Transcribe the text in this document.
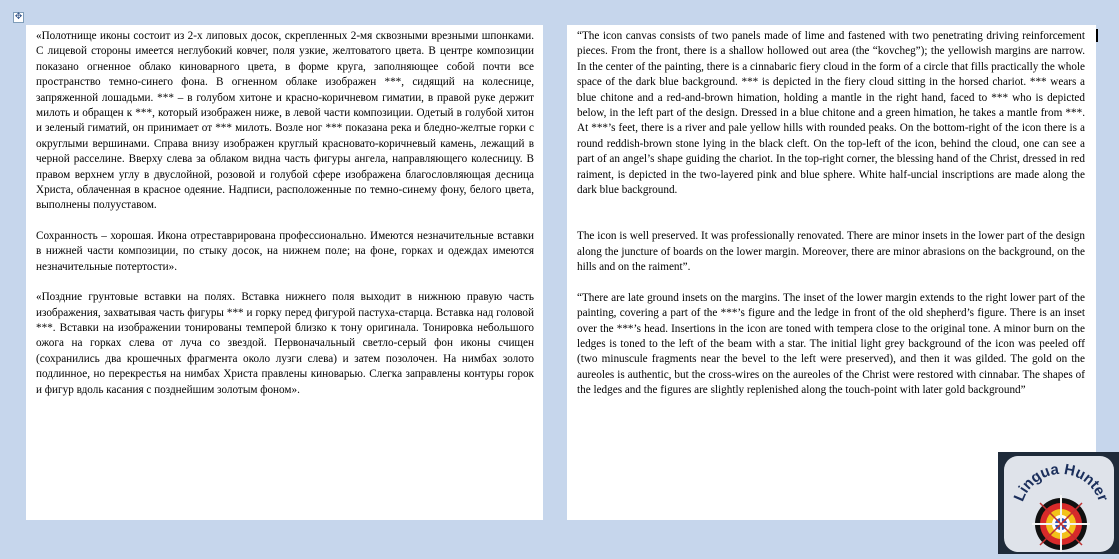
✥

«Полотнище иконы состоит из 2-х липовых досок, скрепленных 2-мя сквозными врезными шпонками. С лицевой стороны имеется неглубокий ковчег, поля узкие, желтоватого цвета. В центре композиции показано огненное облако киноварного цвета, в форме круга, заполняющее собой почти все пространство темно-синего фона. В огненном облаке изображен ***, сидящий на колеснице, запряженной лошадьми. *** – в голубом хитоне и красно-коричневом гиматии, в правой руке держит милоть и обращен к ***, который изображен ниже, в левой части композиции. Одетый в голубой хитон и зеленый гиматий, он принимает от *** милоть. Возле ног *** показана река и бледно-желтые горки с округлыми вершинами. Справа внизу изображен круглый красновато-коричневый камень, лежащий в черной расселине. Вверху слева за облаком видна часть фигуры ангела, направляющего колесницу. В правом верхнем углу в двуслойной, розовой и голубой сфере изображена благословляющая десница Христа, облаченная в красное одеяние. Надписи, расположенные по темно-синему фону, белого цвета, выполнены полууставом.

Сохранность – хорошая. Икона отреставрирована профессионально. Имеются незначительные вставки в нижней части композиции, по стыку досок, на нижнем поле; на фоне, горках и одеждах имеются незначительные потертости».

«Поздние грунтовые вставки на полях. Вставка нижнего поля выходит в нижнюю правую часть изображения, захватывая часть фигуры *** и горку перед фигурой пастуха-старца. Вставка над головой ***. Вставки на изображении тонированы темперой близко к тону оригинала. Тонировка небольшого ожога на горках слева от луча со звездой. Первоначальный светло-серый фон иконы счищен (сохранились два крошечных фрагмента около лузги слева) и затем позолочен. На нимбах золото подлинное, но перекрестья на нимбах Христа правлены киноварью. Слегка заправлены контуры горок и фигур вдоль касания с позднейшим золотым фоном».

“The icon canvas consists of two panels made of lime and fastened with two penetrating driving reinforcement pieces. From the front, there is a shallow hollowed out area (the “kovcheg”); the yellowish margins are narrow. In the center of the painting, there is a cinnabaric fiery cloud in the form of a circle that fills practically the whole space of the dark blue background. *** is depicted in the fiery cloud sitting in the horsed chariot. *** wears a blue chitone and a red-and-brown himation, holding a mantle in the right hand, faced to *** who is depicted below, in the left part of the design. Dressed in a blue chitone and a green himation, he takes a mantle from ***. At ***’s feet, there is a river and pale yellow hills with rounded peaks. On the bottom-right of the icon there is a round reddish-brown stone lying in the black cleft. On the top-left of the icon, behind the cloud, one can see a part of an angel’s shape guiding the chariot. In the top-right corner, the blessing hand of the Christ, dressed in red raiment, is depicted in the two-layered pink and blue sphere. White half-uncial inscriptions are made along the dark blue background.

The icon is well preserved. It was professionally renovated. There are minor insets in the lower part of the design along the juncture of boards on the lower margin. Moreover, there are minor abrasions on the background, on the hills and on the raiment”.

“There are late ground insets on the margins. The inset of the lower margin extends to the right lower part of the painting, covering a part of the ***’s figure and the ledge in front of the old shepherd’s figure. There is an inset over the ***’s head. Insertions in the icon are toned with tempera close to the original tone. A minor burn on the ledges is toned to the left of the beam with a star. The initial light grey background of the icon was peeled off (two minuscule fragments near the bevel to the left were preserved), and then it was gilded. The gold on the aureoles is authentic, but the cross-wires on the aureoles of the Christ were restored with cinnabar. The shapes of the ledges and the figures are slightly replenished along the touch-point with later gold background”

Lingua Hunter
